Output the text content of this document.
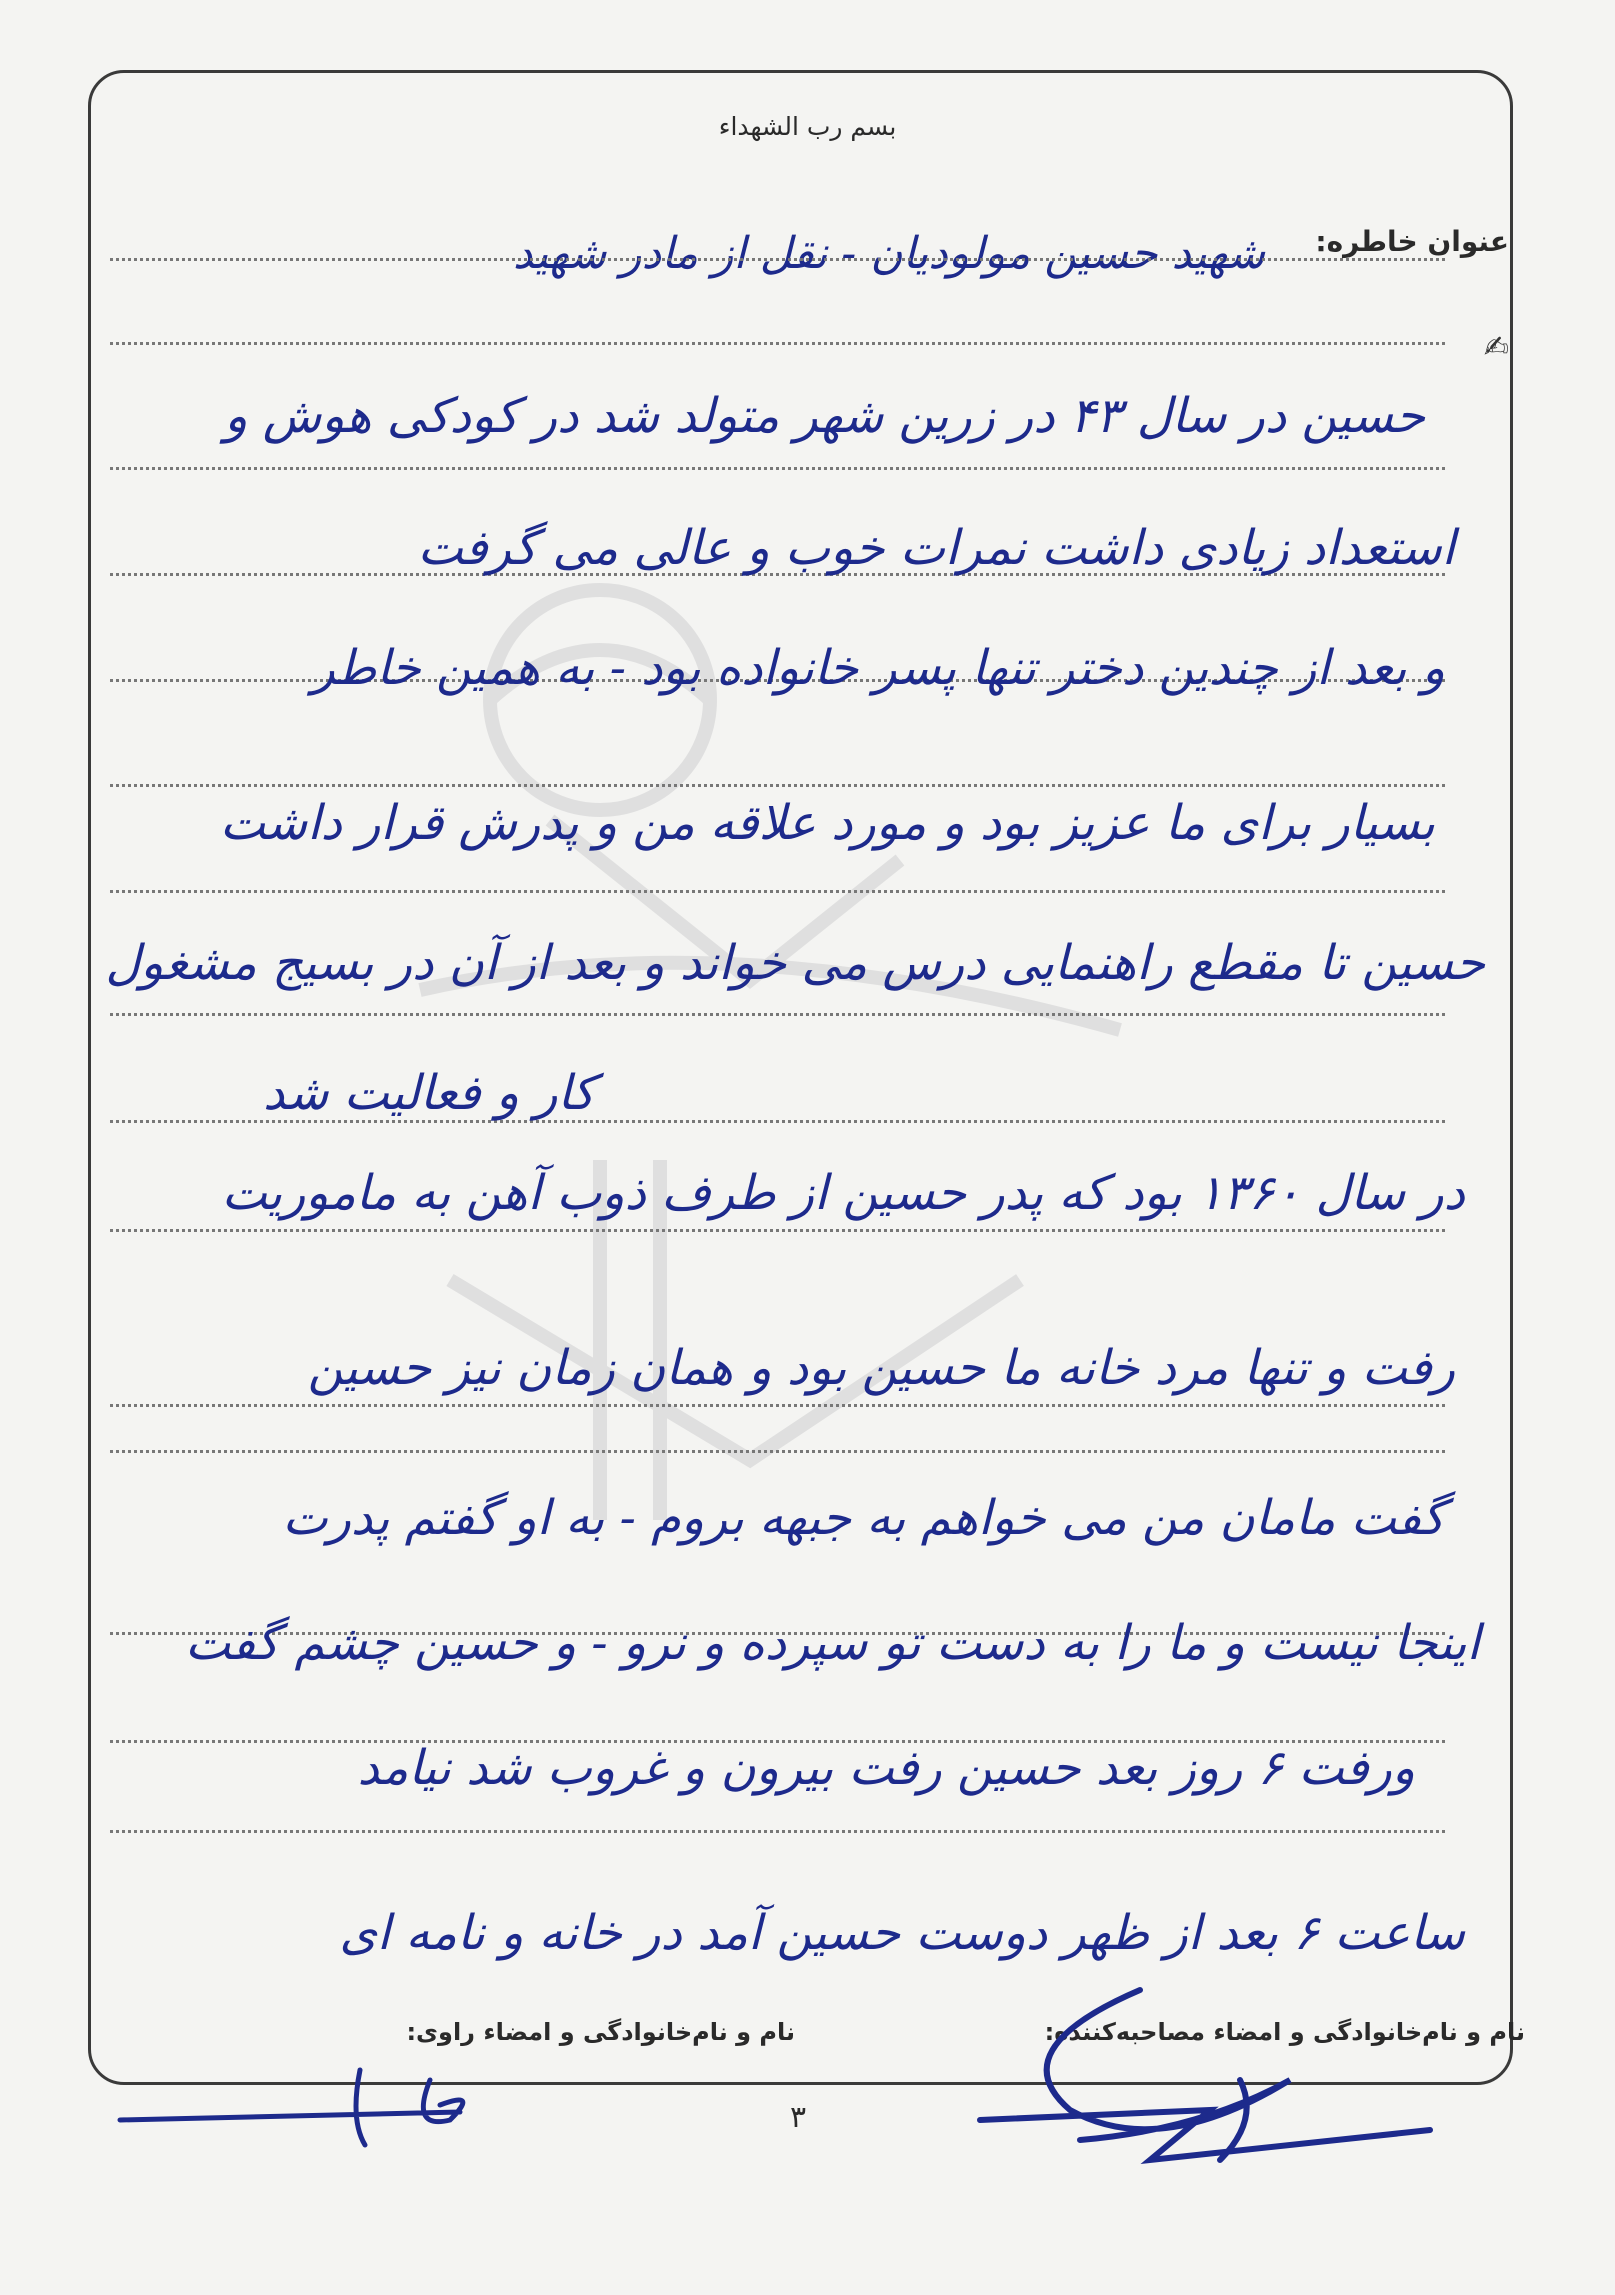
بسم رب الشهداء
عنوان خاطره:
شهید حسین مولودیان - نقل از مادر شهید
✍
حسین در سال ۴۳ در زرین شهر متولد شد در کودکی هوش و
استعداد زیادی داشت نمرات خوب و عالی می گرفت
و بعد از چندین دختر تنها پسر خانواده بود - به همین خاطر
بسیار برای ما عزیز بود و مورد علاقه من و پدرش قرار داشت
حسین تا مقطع راهنمایی درس می خواند و بعد از آن در بسیج مشغول
کار و فعالیت شد
در سال ۱۳۶۰ بود که پدر حسین از طرف ذوب آهن به ماموریت
رفت و تنها مرد خانه ما حسین بود و همان زمان نیز حسین
گفت مامان من می خواهم به جبهه بروم - به او گفتم پدرت
اینجا نیست و ما را به دست تو سپرده و نرو - و حسین چشم گفت
ورفت ۶ روز بعد حسین رفت بیرون و غروب شد نیامد
ساعت ۶ بعد از ظهر دوست حسین آمد در خانه و نامه ای
نام و نام‌خانوادگی و امضاء مصاحبه‌کننده:
نام و نام‌خانوادگی و امضاء راوی:
۳
